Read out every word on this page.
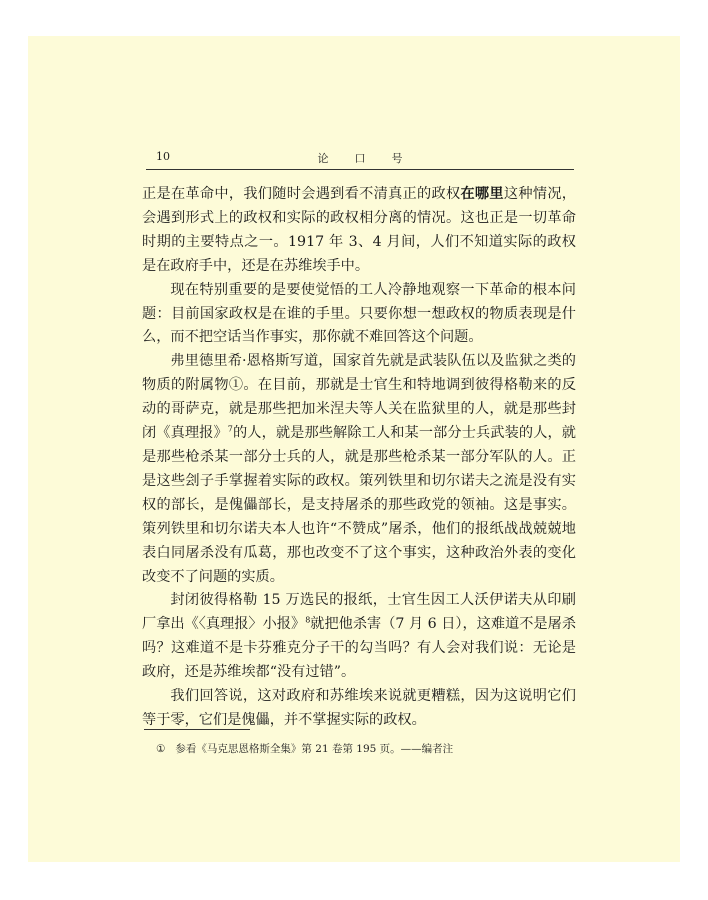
10	论口号

正是在革命中，我们随时会遇到看不清真正的政权在哪里这种情况，会遇到形式上的政权和实际的政权相分离的情况。这也正是一切革命时期的主要特点之一。1917 年 3、4 月间，人们不知道实际的政权是在政府手中，还是在苏维埃手中。

现在特别重要的是要使觉悟的工人冷静地观察一下革命的根本问题：目前国家政权是在谁的手里。只要你想一想政权的物质表现是什么，而不把空话当作事实，那你就不难回答这个问题。

弗里德里希·恩格斯写道，国家首先就是武装队伍以及监狱之类的物质的附属物①。在目前，那就是士官生和特地调到彼得格勒来的反动的哥萨克，就是那些把加米涅夫等人关在监狱里的人，就是那些封闭《真理报》$^7$的人，就是那些解除工人和某一部分士兵武装的人，就是那些枪杀某一部分士兵的人，就是那些枪杀某一部分军队的人。正是这些刽子手掌握着实际的政权。策列铁里和切尔诺夫之流是没有实权的部长，是傀儡部长，是支持屠杀的那些政党的领袖。这是事实。策列铁里和切尔诺夫本人也许“不赞成”屠杀，他们的报纸战战兢兢地表白同屠杀没有瓜葛，那也改变不了这个事实，这种政治外表的变化改变不了问题的实质。

封闭彼得格勒 15 万选民的报纸，士官生因工人沃伊诺夫从印刷厂拿出《〈真理报〉小报》$^8$就把他杀害（7 月 6 日），这难道不是屠杀吗？这难道不是卡芬雅克分子干的勾当吗？有人会对我们说：无论是政府，还是苏维埃都“没有过错”。

我们回答说，这对政府和苏维埃来说就更糟糕，因为这说明它们等于零，它们是傀儡，并不掌握实际的政权。

① 参看《马克思恩格斯全集》第 21 卷第 195 页。——编者注
